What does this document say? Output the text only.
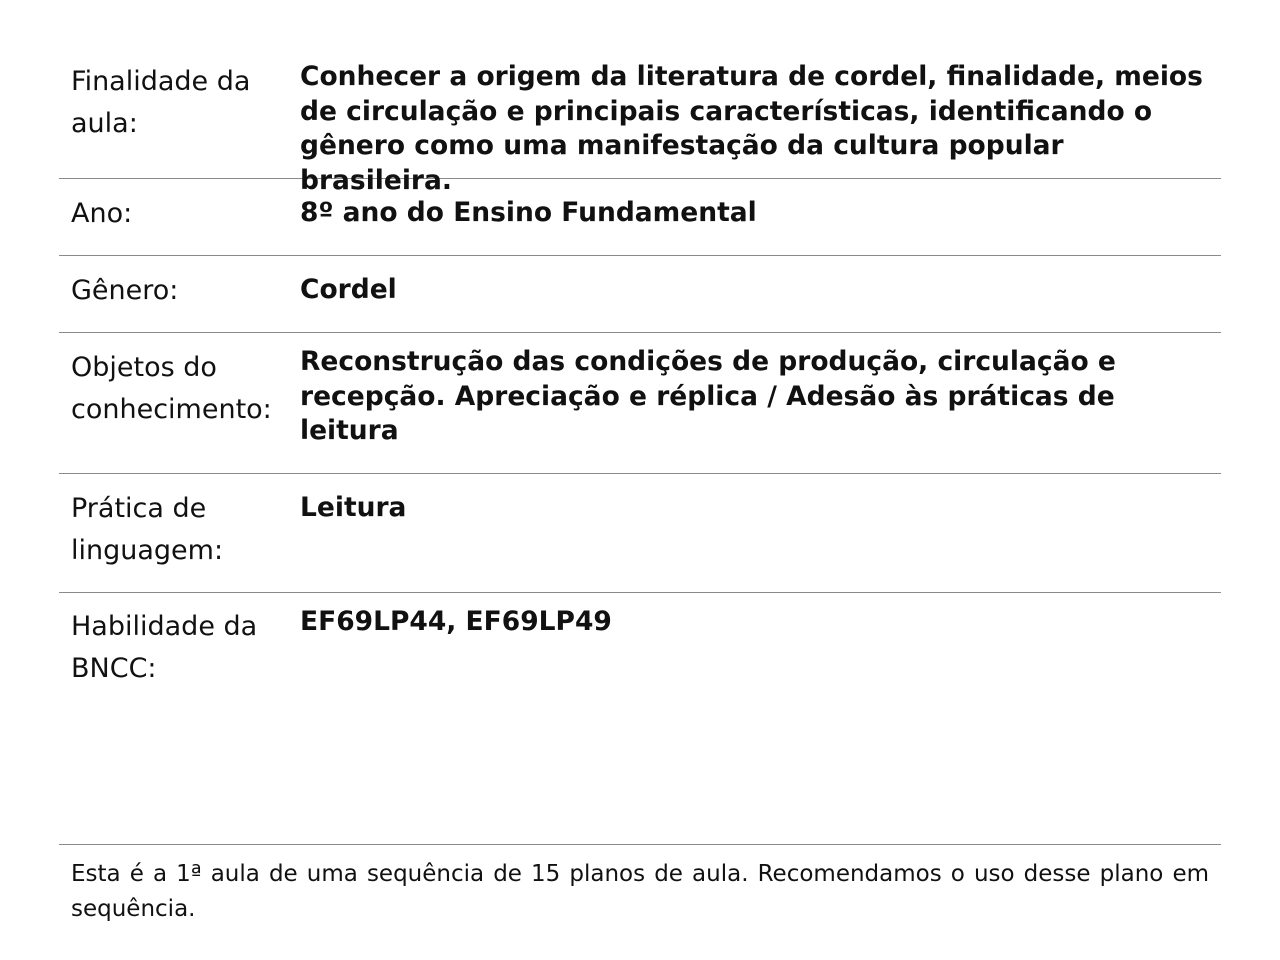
Finalidade da aula:
Conhecer a origem da literatura de cordel, finalidade, meios de circulação e principais características, identificando o gênero como uma manifestação da cultura popular brasileira.
Ano:	8º ano do Ensino Fundamental
Gênero:	Cordel
Objetos do conhecimento:
Reconstrução das condições de produção, circulação e recepção. Apreciação e réplica / Adesão às práticas de leitura
Prática de linguagem:
Leitura
Habilidade da BNCC:
EF69LP44, EF69LP49
Esta é a 1ª aula de uma sequência de 15 planos de aula. Recomendamos o uso desse plano em sequência.
